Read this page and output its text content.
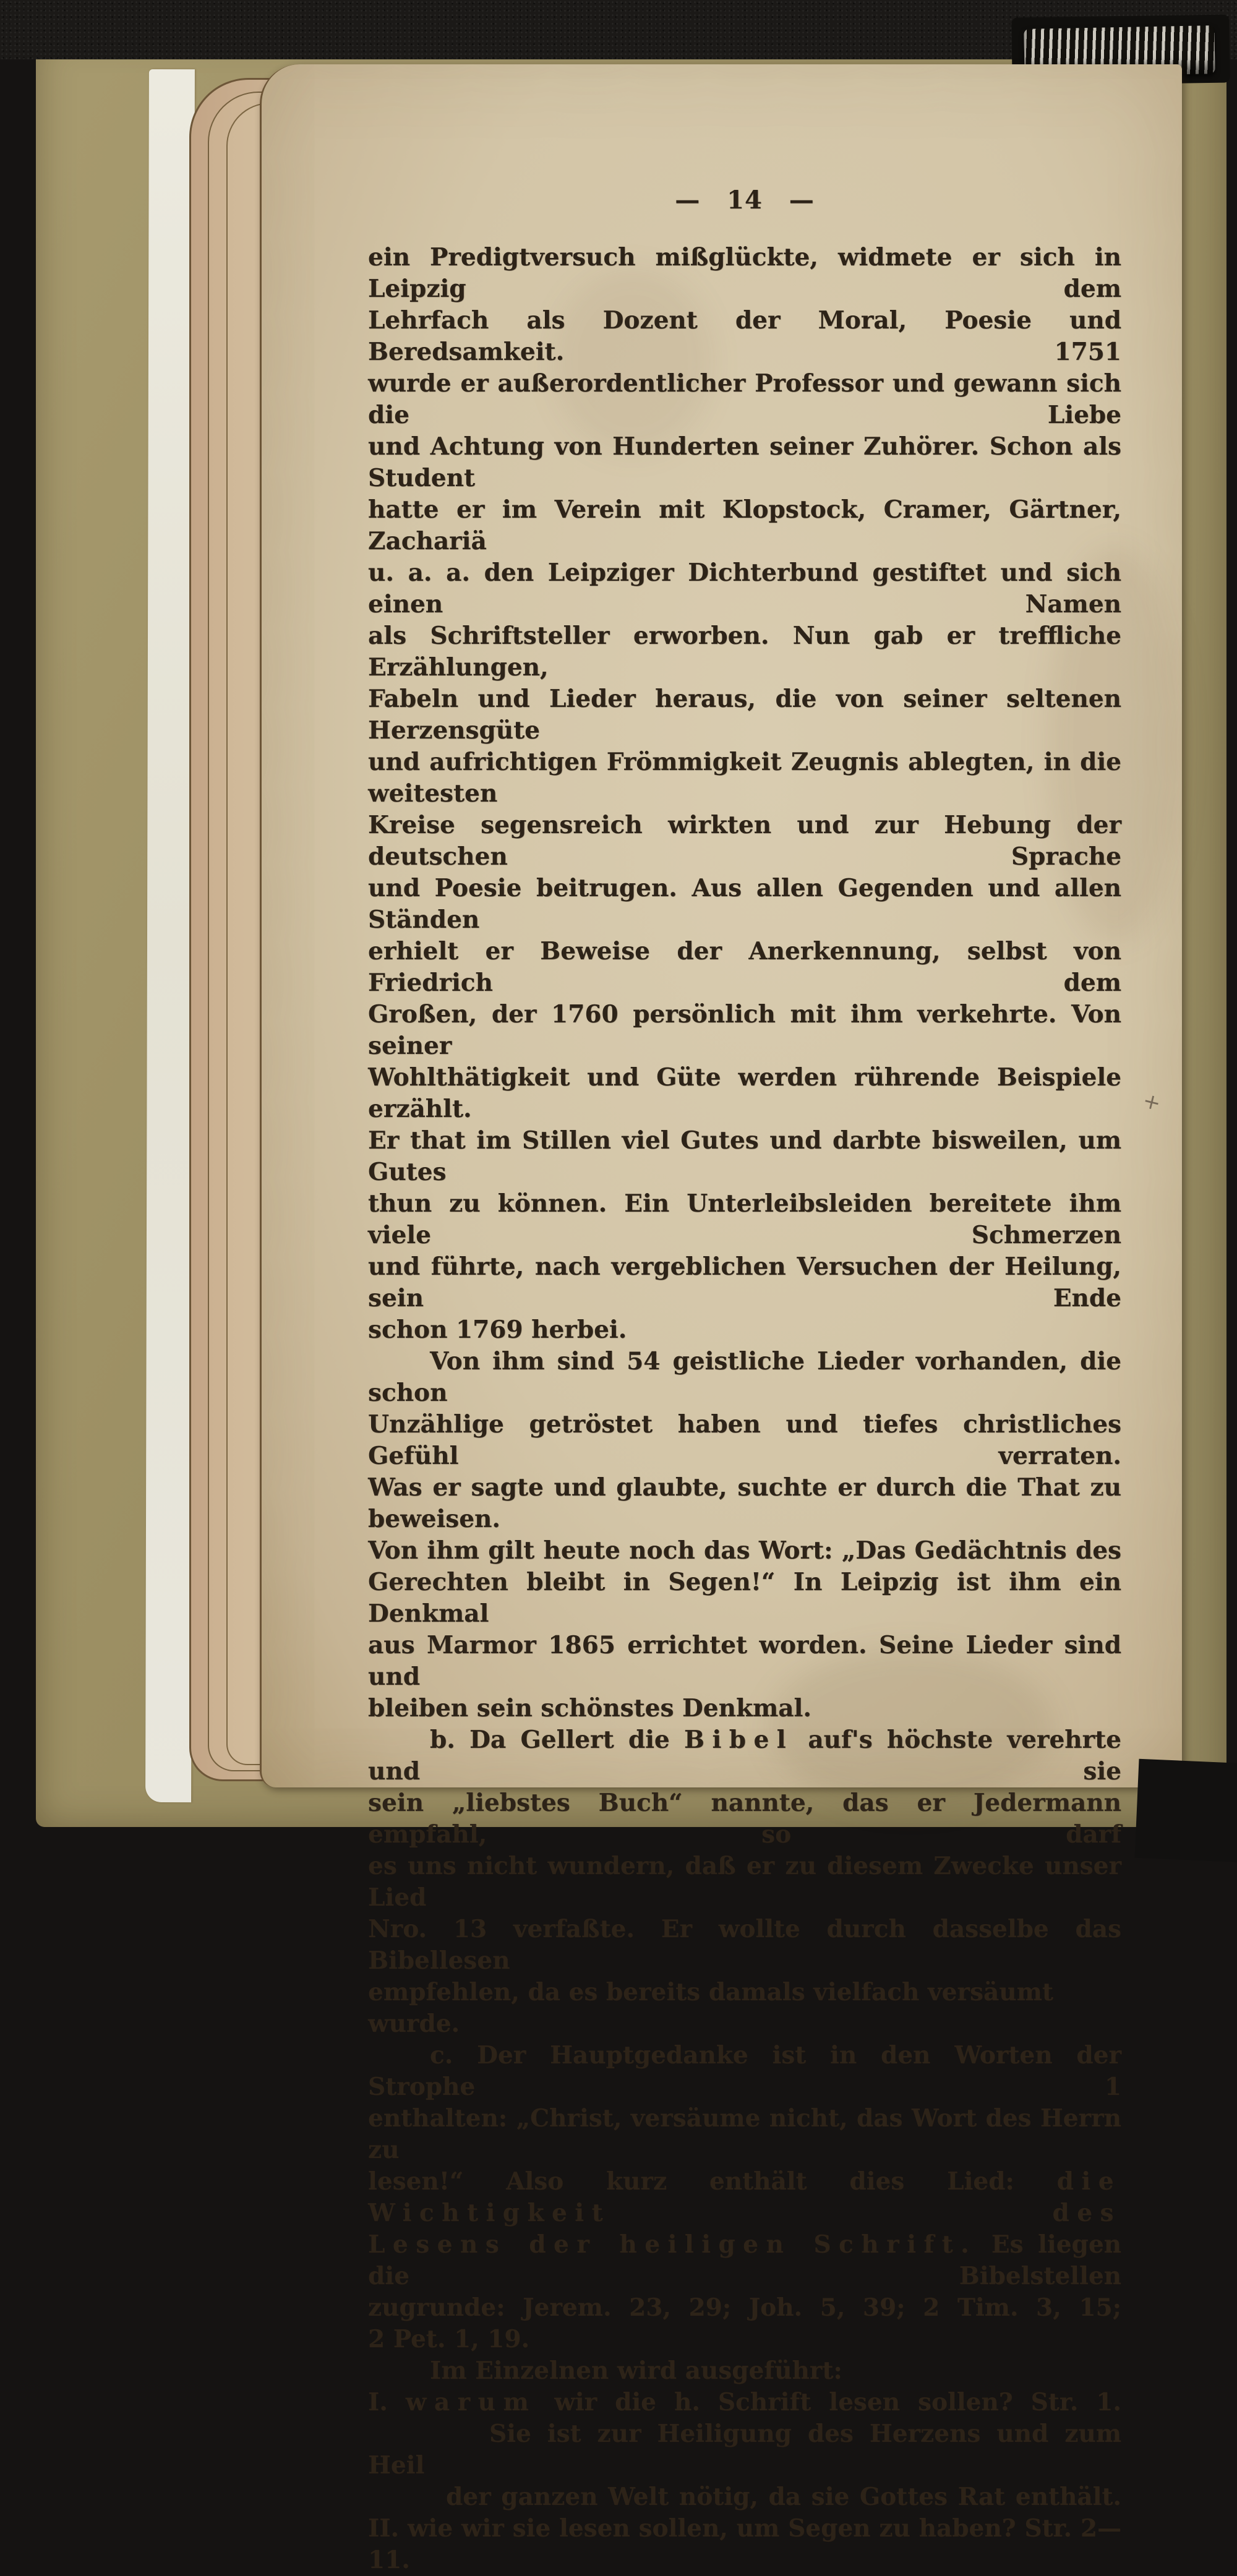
— 14 —
ein Predigtversuch mißglückte, widmete er sich in Leipzig dem
Lehrfach als Dozent der Moral, Poesie und Beredsamkeit. 1751
wurde er außerordentlicher Professor und gewann sich die Liebe
und Achtung von Hunderten seiner Zuhörer. Schon als Student
hatte er im Verein mit Klopstock, Cramer, Gärtner, Zachariä
u. a. a. den Leipziger Dichterbund gestiftet und sich einen Namen
als Schriftsteller erworben. Nun gab er treffliche Erzählungen,
Fabeln und Lieder heraus, die von seiner seltenen Herzensgüte
und aufrichtigen Frömmigkeit Zeugnis ablegten, in die weitesten
Kreise segensreich wirkten und zur Hebung der deutschen Sprache
und Poesie beitrugen. Aus allen Gegenden und allen Ständen
erhielt er Beweise der Anerkennung, selbst von Friedrich dem
Großen, der 1760 persönlich mit ihm verkehrte. Von seiner
Wohlthätigkeit und Güte werden rührende Beispiele erzählt.
Er that im Stillen viel Gutes und darbte bisweilen, um Gutes
thun zu können. Ein Unterleibsleiden bereitete ihm viele Schmerzen
und führte, nach vergeblichen Versuchen der Heilung, sein Ende
schon 1769 herbei.
Von ihm sind 54 geistliche Lieder vorhanden, die schon
Unzählige getröstet haben und tiefes christliches Gefühl verraten.
Was er sagte und glaubte, suchte er durch die That zu beweisen.
Von ihm gilt heute noch das Wort: „Das Gedächtnis des
Gerechten bleibt in Segen!“ In Leipzig ist ihm ein Denkmal
aus Marmor 1865 errichtet worden. Seine Lieder sind und
bleiben sein schönstes Denkmal.
b. Da Gellert die Bibel auf's höchste verehrte und sie
sein „liebstes Buch“ nannte, das er Jedermann empfahl, so darf
es uns nicht wundern, daß er zu diesem Zwecke unser Lied
Nro. 13 verfaßte. Er wollte durch dasselbe das Bibellesen
empfehlen, da es bereits damals vielfach versäumt wurde.
c. Der Hauptgedanke ist in den Worten der Strophe 1
enthalten: „Christ, versäume nicht, das Wort des Herrn zu
lesen!“ Also kurz enthält dies Lied: die Wichtigkeit des
Lesens der heiligen Schrift. Es liegen die Bibelstellen
zugrunde: Jerem. 23, 29; Joh. 5, 39; 2 Tim. 3, 15;
2 Pet. 1, 19.
Im Einzelnen wird ausgeführt:
I. warum wir die h. Schrift lesen sollen? Str. 1.
Sie ist zur Heiligung des Herzens und zum Heil
der ganzen Welt nötig, da sie Gottes Rat enthält.
II. wie wir sie lesen sollen, um Segen zu haben? Str. 2—11.
+
